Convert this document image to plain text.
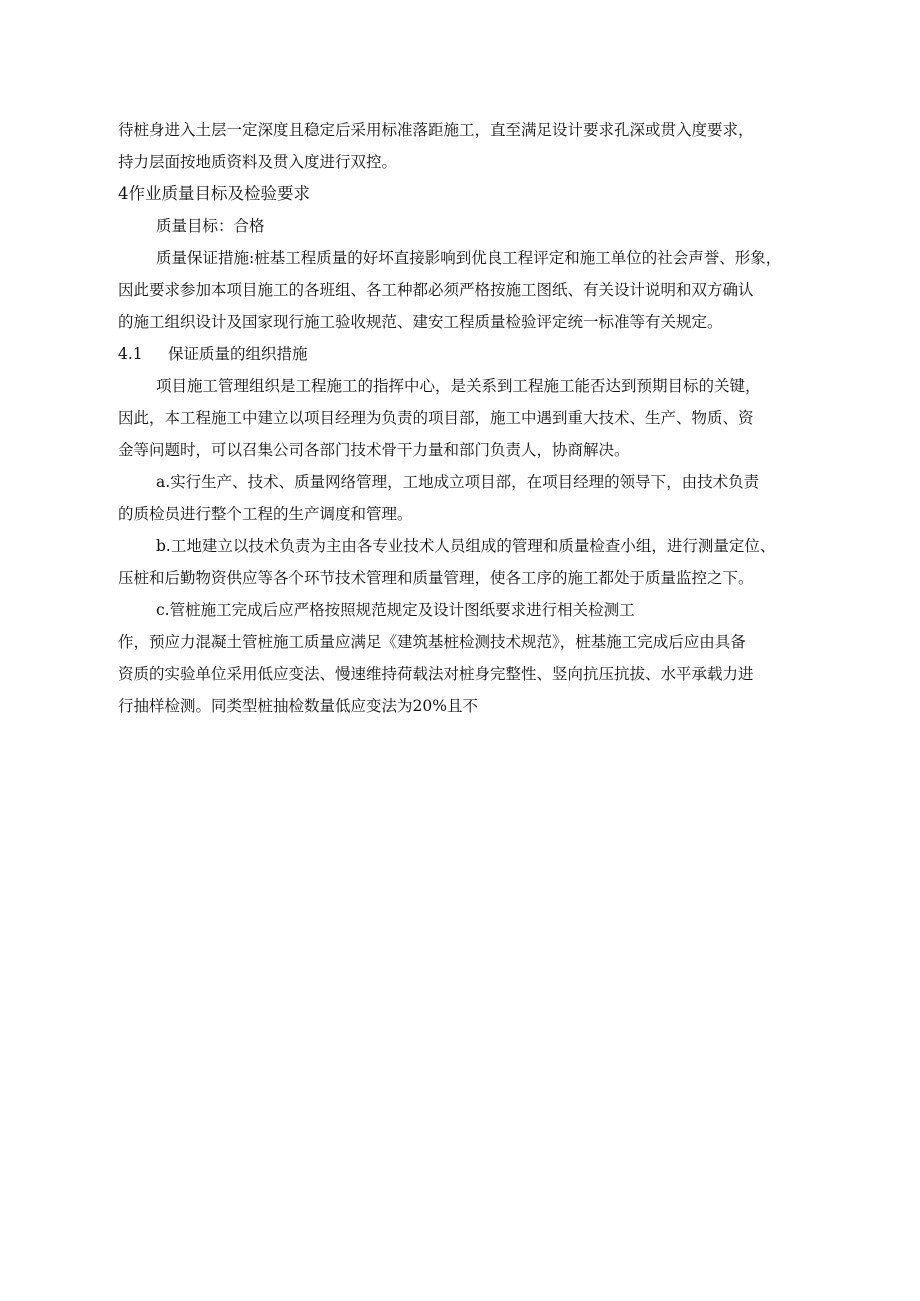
待桩身进入土层一定深度且稳定后采用标准落距施工，直至满足设计要求孔深或贯入度要求，
持力层面按地质资料及贯入度进行双控。
4作业质量目标及检验要求
质量目标：合格
质量保证措施:桩基工程质量的好坏直接影响到优良工程评定和施工单位的社会声誉、形象，
因此要求参加本项目施工的各班组、各工种都必须严格按施工图纸、有关设计说明和双方确认
的施工组织设计及国家现行施工验收规范、建安工程质量检验评定统一标准等有关规定。
4.1 保证质量的组织措施
项目施工管理组织是工程施工的指挥中心，是关系到工程施工能否达到预期目标的关键，
因此，本工程施工中建立以项目经理为负责的项目部，施工中遇到重大技术、生产、物质、资
金等问题时，可以召集公司各部门技术骨干力量和部门负责人，协商解决。
a.实行生产、技术、质量网络管理，工地成立项目部，在项目经理的领导下，由技术负责
的质检员进行整个工程的生产调度和管理。
b.工地建立以技术负责为主由各专业技术人员组成的管理和质量检查小组，进行测量定位、
压桩和后勤物资供应等各个环节技术管理和质量管理，使各工序的施工都处于质量监控之下。
c.管桩施工完成后应严格按照规范规定及设计图纸要求进行相关检测工
作，预应力混凝土管桩施工质量应满足《建筑基桩检测技术规范》，桩基施工完成后应由具备
资质的实验单位采用低应变法、慢速维持荷载法对桩身完整性、竖向抗压抗拔、水平承载力进
行抽样检测。同类型桩抽检数量低应变法为20%且不
